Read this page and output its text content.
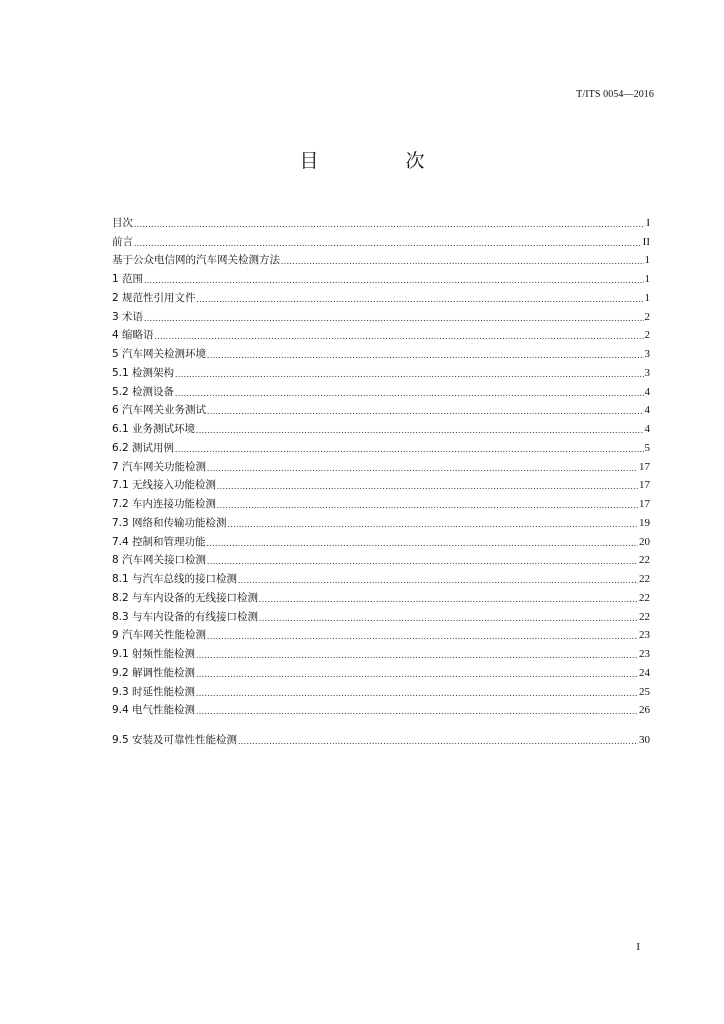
T/ITS 0054—2016
目　次
目次 .....	I
前言 .....	II
基于公众电信网的汽车网关检测方法 .....	1
1 范围 .....	1
2 规范性引用文件 .....	1
3 术语 .....	2
4 缩略语 .....	2
5 汽车网关检测环境 .....	3
5.1 检测架构 .....	3
5.2 检测设备 .....	4
6 汽车网关业务测试 .....	4
6.1 业务测试环境 .....	4
6.2 测试用例 .....	5
7 汽车网关功能检测 .....	17
7.1 无线接入功能检测 .....	17
7.2 车内连接功能检测 .....	17
7.3 网络和传输功能检测 .....	19
7.4 控制和管理功能 .....	20
8 汽车网关接口检测 .....	22
8.1 与汽车总线的接口检测 .....	22
8.2 与车内设备的无线接口检测 .....	22
8.3 与车内设备的有线接口检测 .....	22
9 汽车网关性能检测 .....	23
9.1 射频性能检测 .....	23
9.2 解调性能检测 .....	24
9.3 时延性能检测 .....	25
9.4 电气性能检测 .....	26
9.5 安装及可靠性性能检测 .....	30
I
